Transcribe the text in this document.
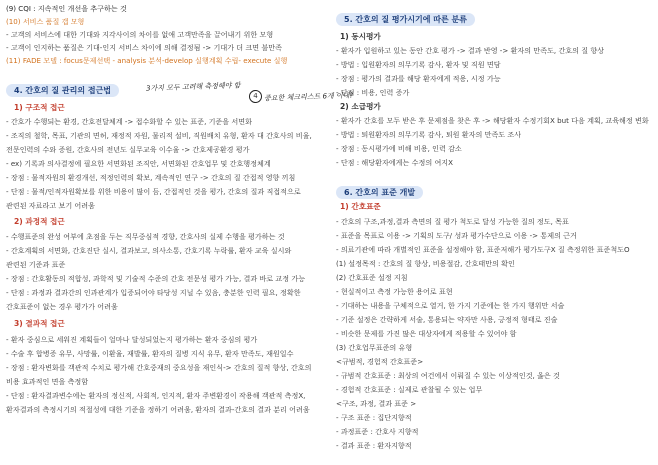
(9) CQI : 지속적인 개선을 추구하는 것
(10) 서비스 품질 갭 모형
- 고객의 서비스에 대한 기대와 지각사이의 차이를 없애 고객만족을 끌어내기 위한 모형
- 고객이 인지하는 품질은 기대-인지 서비스 차이에 의해 결정됨 -> 기대가 더 크면 불만족
(11) FADE 모델 : focus문제선택 - analysis 분석-develop 실행계획 수립- execute 실행
4. 간호의 질 관리의 접근법	3가지 모두 고려해 측정해야 함
4 중요한 체크리스트 6개 이내?
1) 구조적 접근
- 간호가 수행되는 환경, 간호전달체계 -> 접수화할 수 있는 표준, 기준을 서면화
- 조직의 철학, 목표, 기관의 면허, 재정적 자원, 물리적 설비, 직원배치 유형, 환자 대 간호사의 비율,
전문인력의 수와 증원, 간호사의 전년도 실무교육 이수율 -> 간호제공환경 평가
- ex) 기록과 의사결정에 필요한 서면화된 조직안, 서면화된 간호업무 및 간호행정체계
- 장점 : 물적자원의 환경개선, 적정인력의 확보, 계속적인 연구 -> 간호의 질 간접적 영향 끼침
- 단점 : 물적/인적자원확보를 위한 비용이 많이 듬, 간접적인 것을 평가, 간호의 질과 직접적으로
관련된 자료라고 보기 어려움
2) 과정적 접근
- 수행표준의 완성 여부에 초점을 두는 직무중심적 경향, 간호사의 실제 수행을 평가하는 것
- 간호계획의 서면화, 간호진단 실시, 결과보고, 의사소통, 간호기록 누락률, 환자 교육 실시와
관련된 기준과 표준
- 장점 : 간호활동의 적합성, 과학적 및 기술적 수준의 간호 전문성 평가 가능, 결과 바로 교정 가능
- 단점 : 과정과 결과간의 인과관계가 입증되어야 타당성 지닐 수 있음, 충분한 인력 필요, 정확한
간호표준이 없는 경우 평가가 어려움
3) 결과적 접근
- 환자 중심으로 세워진 계획들이 얼마나 달성되었는지 평가하는 환자 중심의 평가
- 수술 후 합병증 유무, 사망률, 이환율, 재발률, 환자의 질병 지식 유무, 환자 만족도, 재원일수
- 장점 : 환자변화를 객관적 수치로 평가해 간호중재의 중요성을 재인식-> 간호의 질적 향상, 간호의
비용 효과적인 면을 측정함
- 단점 : 환자결과변수에는 환자의 정신적, 사회적, 인지적, 환자 주변환경이 작용해 객관적 측정X,
환자결과의 측정시기의 적절성에 대한 기준을 정하기 어려움, 환자의 결과-간호의 결과 분리 어려움
5. 간호의 질 평가시기에 따른 분류
1) 동시평가
- 환자가 입원하고 있는 동안 간호 평가 -> 결과 반영 -> 환자의 만족도, 간호의 질 향상
- 방법 : 입원환자의 의무기록 감사, 환자 및 직원 면담
- 장점 : 평가의 결과를 해당 환자에게 적용, 시정 가능
- 단점 : 비용, 인력 증가
2) 소급평가
- 환자가 간호를 모두 받은 후 문제점을 찾은 후 -> 해당환자 수정기회X but 다음 계획, 교육해정 변화
- 방법 : 퇴원환자의 의무기록 감사, 퇴원 환자의 만족도 조사
- 장점 : 동시평가에 비해 비용, 인력 감소
- 단점 : 해당환자에게는 수정의 여지X
6. 간호의 표준 개발
1) 간호표준
- 간호의 구조,과정,결과 측면의 질 평가 척도로 달성 가능한 질의 정도, 목표
- 표준을 목표로 이용 -> 기획의 도구/ 성과 평가수단으로 이용 -> 통제의 근거
- 의료기관에 따라 개별적인 표준을 설정해야 함, 표준저해가 평가도구X 질 측정위한 표준척도O
(1) 설정목적 : 간호의 질 향상, 비용절감, 간호태만의 확인
(2) 간호표준 설정 지침
- 현실적이고 측정 가능한 용어로 표현
- 기대하는 내용을 구체적으로 열거, 한 가지 기준에는 한 가지 행위만 서술
- 기준 설정은 간략하게 서술, 통용되는 약자만 사용, 긍정적 형태로 진술
- 비슷한 문제를 가진 많은 대상자에게 적용할 수 있어야 함
(3) 간호업무표준의 유형
<규범적, 경험적 간호표준>
- 규범적 간호표준 : 최상의 여건에서 이뤄질 수 있는 이상적인것, 옳은 것
- 경험적 간호표준 : 실제로 관찰될 수 있는 업무
<구조, 과정, 결과 표준 >
- 구조 표준 : 집단지향적
- 과정표준 : 간호사 지향적
- 결과 표준 : 환자지향적
